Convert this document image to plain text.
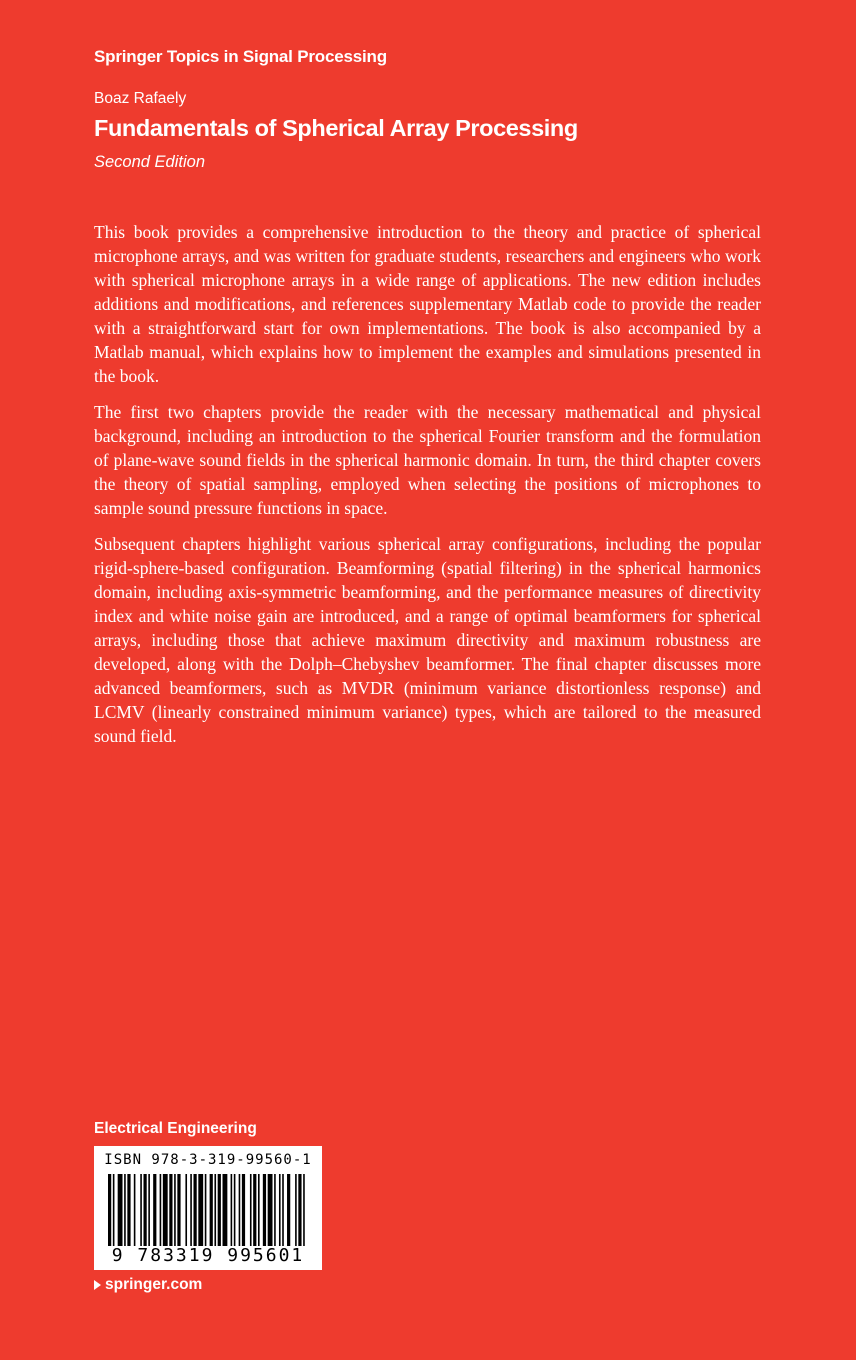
Springer Topics in Signal Processing
Boaz Rafaely
Fundamentals of Spherical Array Processing
Second Edition

This book provides a comprehensive introduction to the theory and practice of spherical microphone arrays, and was written for graduate students, researchers and engineers who work with spherical microphone arrays in a wide range of applications. The new edition includes additions and modifications, and references supplementary Matlab code to provide the reader with a straightforward start for own implementations. The book is also accompanied by a Matlab manual, which explains how to implement the examples and simulations presented in the book.

The first two chapters provide the reader with the necessary mathematical and physical background, including an introduction to the spherical Fourier transform and the formulation of plane-wave sound fields in the spherical harmonic domain. In turn, the third chapter covers the theory of spatial sampling, employed when selecting the positions of microphones to sample sound pressure functions in space.

Subsequent chapters highlight various spherical array configurations, including the popular rigid-sphere-based configuration. Beamforming (spatial filtering) in the spherical harmonics domain, including axis-symmetric beamforming, and the performance measures of directivity index and white noise gain are introduced, and a range of optimal beamformers for spherical arrays, including those that achieve maximum directivity and maximum robustness are developed, along with the Dolph–Chebyshev beamformer. The final chapter discusses more advanced beamformers, such as MVDR (minimum variance distortionless response) and LCMV (linearly constrained minimum variance) types, which are tailored to the measured sound field.

Electrical Engineering
ISBN 978-3-319-99560-1
9 783319 995601
springer.com
